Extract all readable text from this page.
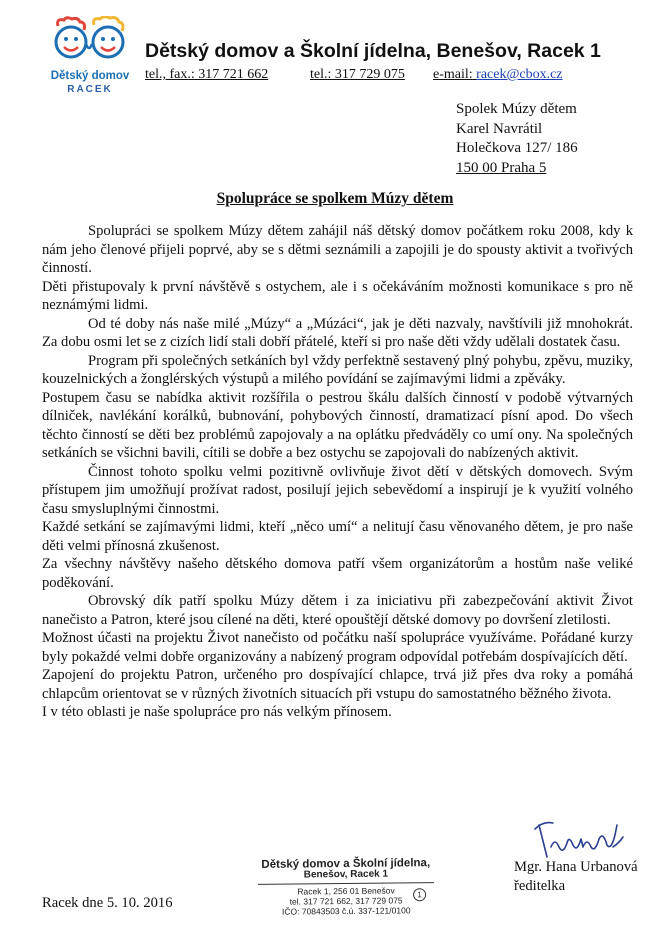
Dětský domov
RACEK
Dětský domov a Školní jídelna, Benešov, Racek 1
tel., fax.: 317 721 662	tel.: 317 729 075 e-mail: racek@cbox.cz
Spolek Múzy dětem
Karel Navrátil
Holečkova 127/ 186
150 00 Praha 5
Spolupráce se spolkem Múzy dětem

Spolupráci se spolkem Múzy dětem zahájil náš dětský domov počátkem roku 2008, kdy k nám jeho členové přijeli poprvé, aby se s dětmi seznámili a zapojili je do spousty aktivit a tvořivých činností.

Děti přistupovaly k první návštěvě s ostychem, ale i s očekáváním možnosti komunikace s pro ně neznámými lidmi.

Od té doby nás naše milé „Múzy“ a „Múzáci“, jak je děti nazvaly, navštívili již mnohokrát. Za dobu osmi let se z cizích lidí stali dobří přátelé, kteří si pro naše děti vždy udělali dostatek času.

Program při společných setkáních byl vždy perfektně sestavený plný pohybu, zpěvu, muziky, kouzelnických a žonglérských výstupů a milého povídání se zajímavými lidmi a zpěváky.

Postupem času se nabídka aktivit rozšířila o pestrou škálu dalších činností v podobě výtvarných dílniček, navlékání korálků, bubnování, pohybových činností, dramatizací písní apod. Do všech těchto činností se děti bez problémů zapojovaly a na oplátku předváděly co umí ony. Na společných setkáních se všichni bavili, cítili se dobře a bez ostychu se zapojovali do nabízených aktivit.

Činnost tohoto spolku velmi pozitivně ovlivňuje život dětí v dětských domovech. Svým přístupem jim umožňují prožívat radost, posilují jejich sebevědomí a inspirují je k využití volného času smysluplnými činnostmi.

Každé setkání se zajímavými lidmi, kteří „něco umí“ a nelitují času věnovaného dětem, je pro naše děti velmi přínosná zkušenost.

Za všechny návštěvy našeho dětského domova patří všem organizátorům a hostům naše veliké poděkování.

Obrovský dík patří spolku Múzy dětem i za iniciativu při zabezpečování aktivit Život nanečisto a Patron, které jsou cílené na děti, které opouštějí dětské domovy po dovršení zletilosti.

Možnost účasti na projektu Život nanečisto od počátku naší spolupráce využíváme. Pořádané kurzy byly pokaždé velmi dobře organizovány a nabízený program odpovídal potřebám dospívajících dětí.

Zapojení do projektu Patron, určeného pro dospívající chlapce, trvá již přes dva roky a pomáhá chlapcům orientovat se v různých životních situacích při vstupu do samostatného běžného života.

I v této oblasti je naše spolupráce pro nás velkým přínosem.

Dětský domov a Školní jídelna,
Benešov, Racek 1
Racek 1, 256 01 Benešov
tel. 317 721 662, 317 729 075
IČO: 70843503 č.ú. 337-121/0100
1
Mgr. Hana Urbanová
ředitelka
Racek dne 5. 10. 2016
